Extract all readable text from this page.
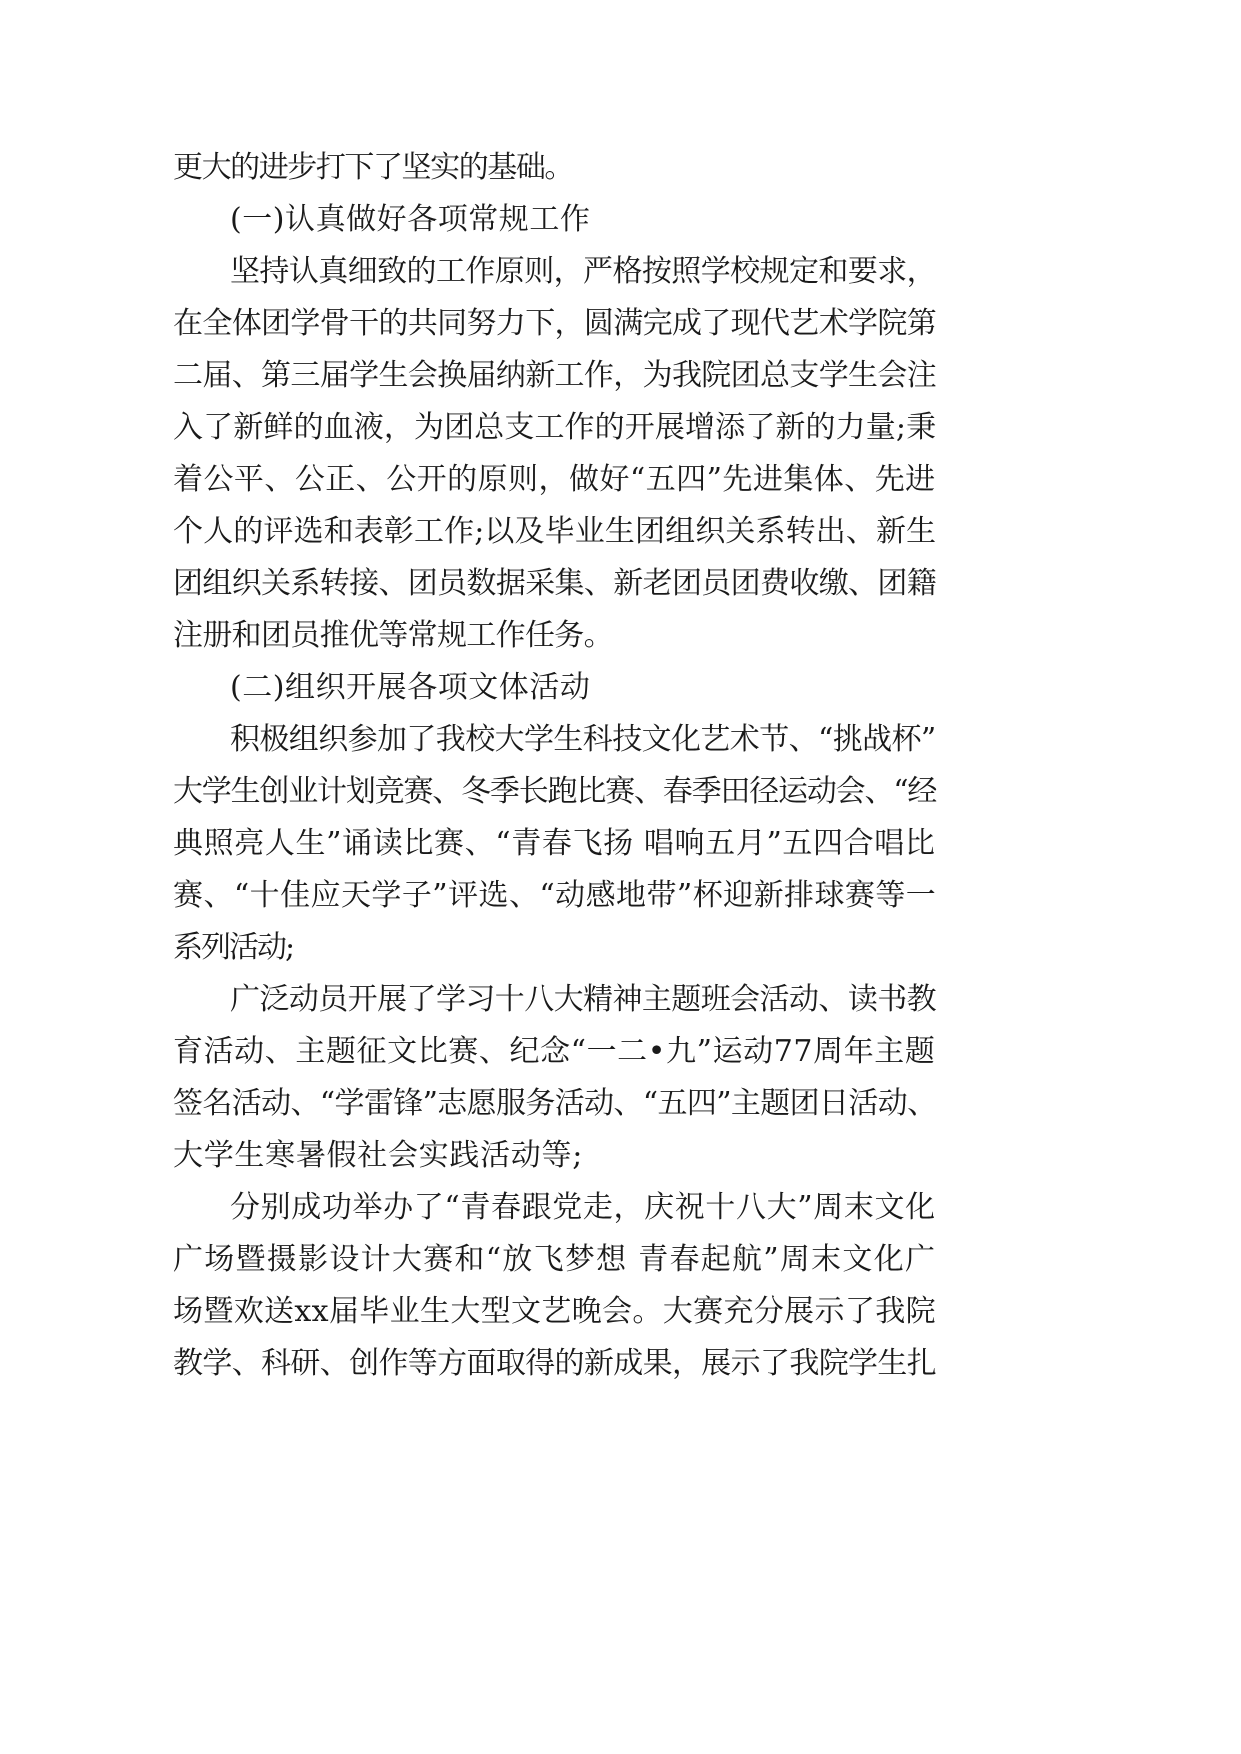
更大的进步打下了坚实的基础。
(一)认真做好各项常规工作
坚持认真细致的工作原则，严格按照学校规定和要求，
在全体团学骨干的共同努力下，圆满完成了现代艺术学院第
二届、第三届学生会换届纳新工作，为我院团总支学生会注
入了新鲜的血液，为团总支工作的开展增添了新的力量;秉
着公平、公正、公开的原则，做好“五四”先进集体、先进
个人的评选和表彰工作;以及毕业生团组织关系转出、新生
团组织关系转接、团员数据采集、新老团员团费收缴、团籍
注册和团员推优等常规工作任务。
(二)组织开展各项文体活动
积极组织参加了我校大学生科技文化艺术节、“挑战杯”
大学生创业计划竞赛、冬季长跑比赛、春季田径运动会、“经
典照亮人生”诵读比赛、“青春飞扬 唱响五月”五四合唱比
赛、“十佳应天学子”评选、“动感地带”杯迎新排球赛等一
系列活动;
广泛动员开展了学习十八大精神主题班会活动、读书教
育活动、主题征文比赛、纪念“一二•九”运动77周年主题
签名活动、“学雷锋”志愿服务活动、“五四”主题团日活动、
大学生寒暑假社会实践活动等;
分别成功举办了“青春跟党走，庆祝十八大”周末文化
广场暨摄影设计大赛和“放飞梦想 青春起航”周末文化广
场暨欢送xx届毕业生大型文艺晚会。大赛充分展示了我院
教学、科研、创作等方面取得的新成果，展示了我院学生扎
